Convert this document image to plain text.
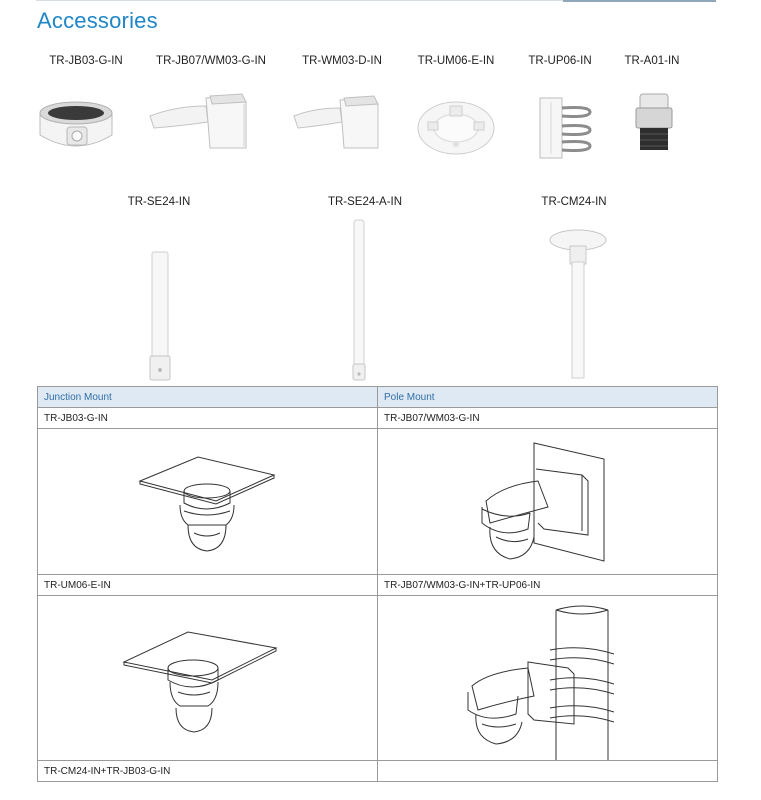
Accessories
TR-JB03-G-IN	TR-JB07/WM03-G-IN	TR-WM03-D-IN	TR-UM06-E-IN	TR-UP06-IN	TR-A01-IN
TR-SE24-IN	TR-SE24-A-IN	TR-CM24-IN
Junction Mount	Pole Mount
TR-JB03-G-IN	TR-JB07/WM03-G-IN

TR-UM06-E-IN	TR-JB07/WM03-G-IN+TR-UP06-IN

TR-CM24-IN+TR-JB03-G-IN	
